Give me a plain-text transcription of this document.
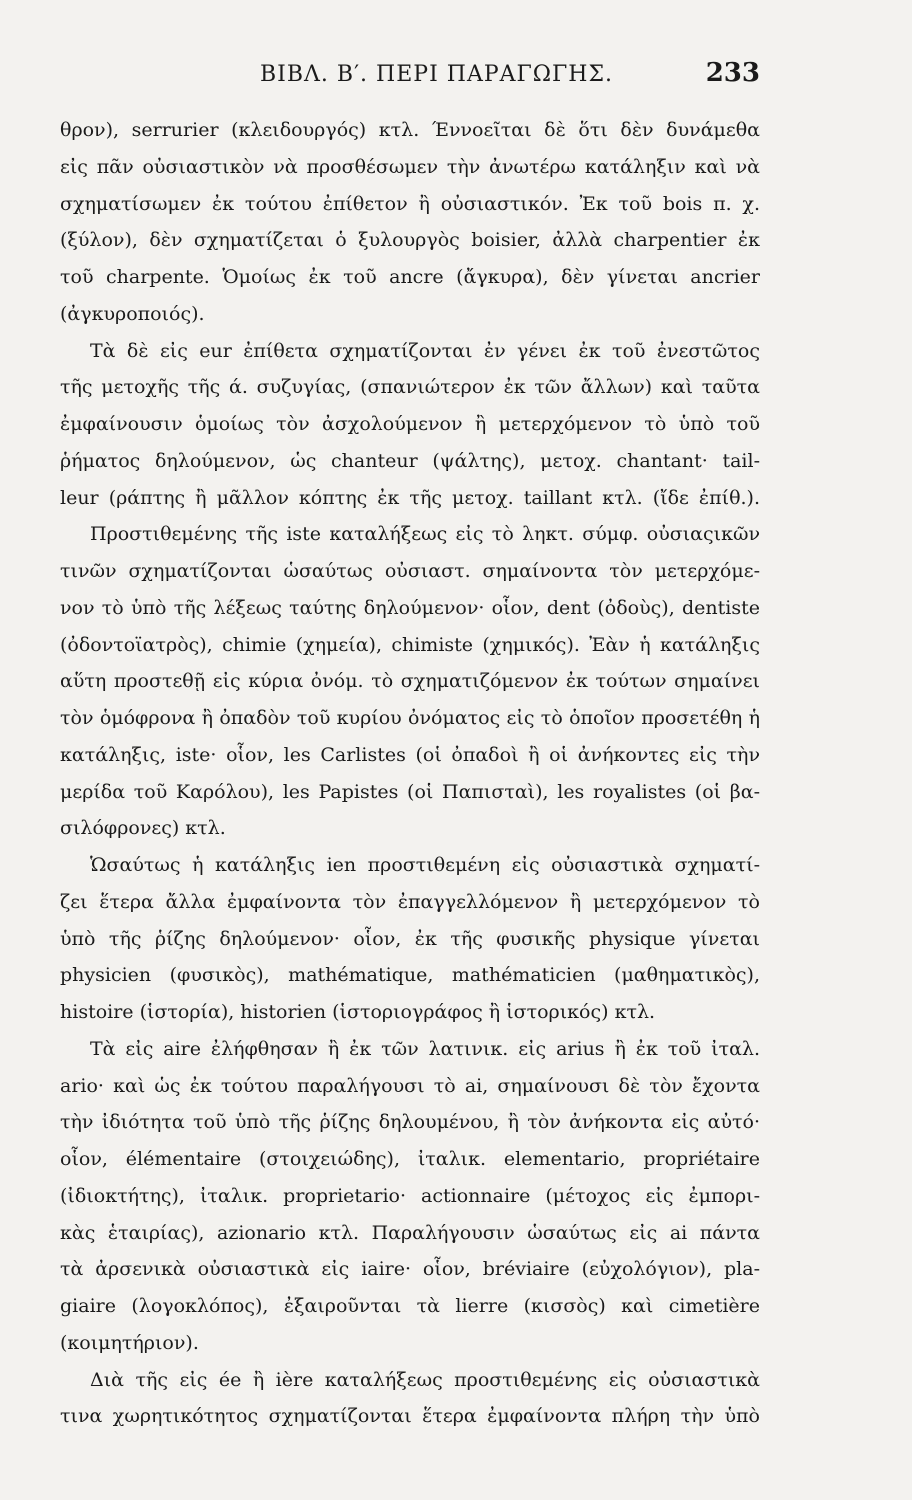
ΒΙΒΛ. Β′. ΠΕΡΙ ΠΑΡΑΓΩΓΗΣ.	233
θρον), serrurier (κλειδουργός) κτλ. Έννοεῖται δὲ ὅτι δὲν δυνάμεθα
εἰς πᾶν οὐσιαστικὸν νὰ προσθέσωμεν τὴν ἀνωτέρω κατάληξιν καὶ νὰ
σχηματίσωμεν ἐκ τούτου ἐπίθετον ἢ οὐσιαστικόν. Ἐκ τοῦ bois π. χ.
(ξύλον), δὲν σχηματίζεται ὁ ξυλουργὸς boisier, ἀλλὰ charpentier ἐκ
τοῦ charpente. Ὁμοίως ἐκ τοῦ ancre (ἄγκυρα), δὲν γίνεται ancrier
(ἀγκυροποιός).
Τὰ δὲ εἰς eur ἐπίθετα σχηματίζονται ἐν γένει ἐκ τοῦ ἐνεστῶτος
τῆς μετοχῆς τῆς ά. συζυγίας, (σπανιώτερον ἐκ τῶν ἄλλων) καὶ ταῦτα
ἐμφαίνουσιν ὁμοίως τὸν ἀσχολούμενον ἢ μετερχόμενον τὸ ὑπὸ τοῦ
ῥήματος δηλούμενον, ὡς chanteur (ψάλτης), μετοχ. chantant· tail-
leur (ράπτης ἢ μᾶλλον κόπτης ἐκ τῆς μετοχ. taillant κτλ. (ἴδε ἐπίθ.).
Προστιθεμένης τῆς iste καταλήξεως εἰς τὸ ληκτ. σύμφ. οὐσιαςικῶν
τινῶν σχηματίζονται ὡσαύτως οὐσιαστ. σημαίνοντα τὸν μετερχόμε-
νον τὸ ὑπὸ τῆς λέξεως ταύτης δηλούμενον· οἷον, dent (ὀδοὺς), dentiste
(ὀδοντοϊατρὸς), chimie (χημεία), chimiste (χημικός). Ἐὰν ἡ κατάληξις
αὕτη προστεθῇ εἰς κύρια ὀνόμ. τὸ σχηματιζόμενον ἐκ τούτων σημαίνει
τὸν ὁμόφρονα ἢ ὀπαδὸν τοῦ κυρίου ὀνόματος εἰς τὸ ὁποῖον προσετέθη ἡ
κατάληξις, iste· οἷον, les Carlistes (οἱ ὀπαδοὶ ἢ οἱ ἀνήκοντες εἰς τὴν
μερίδα τοῦ Καρόλου), les Papistes (οἱ Παπισταὶ), les royalistes (οἱ βα-
σιλόφρονες) κτλ.
Ὡσαύτως ἡ κατάληξις ien προστιθεμένη εἰς οὐσιαστικὰ σχηματί-
ζει ἕτερα ἄλλα ἐμφαίνοντα τὸν ἐπαγγελλόμενον ἢ μετερχόμενον τὸ
ὑπὸ τῆς ῥίζης δηλούμενον· οἷον, ἐκ τῆς φυσικῆς physique γίνεται
physicien (φυσικὸς), mathématique, mathématicien (μαθηματικὸς),
histoire (ἱστορία), historien (ἱστοριογράφος ἢ ἱστορικός) κτλ.
Τὰ εἰς aire ἐλήφθησαν ἢ ἐκ τῶν λατινικ. εἰς arius ἢ ἐκ τοῦ ἰταλ.
ario· καὶ ὡς ἐκ τούτου παραλήγουσι τὸ ai, σημαίνουσι δὲ τὸν ἔχοντα
τὴν ἰδιότητα τοῦ ὑπὸ τῆς ῥίζης δηλουμένου, ἢ τὸν ἀνήκοντα εἰς αὐτό·
οἷον, élémentaire (στοιχειώδης), ἰταλικ. elementario, propriétaire
(ἰδιοκτήτης), ἰταλικ. proprietario· actionnaire (μέτοχος εἰς ἐμπορι-
κὰς ἑταιρίας), azionario κτλ. Παραλήγουσιν ὡσαύτως εἰς ai πάντα
τὰ ἀρσενικὰ οὐσιαστικὰ εἰς iaire· οἷον, bréviaire (εὐχολόγιον), pla-
giaire (λογοκλόπος), ἐξαιροῦνται τὰ lierre (κισσὸς) καὶ cimetière
(κοιμητήριον).
Διὰ τῆς εἰς ée ἢ ière καταλήξεως προστιθεμένης εἰς οὐσιαστικὰ
τινα χωρητικότητος σχηματίζονται ἕτερα ἐμφαίνοντα πλήρη τὴν ὑπὸ
